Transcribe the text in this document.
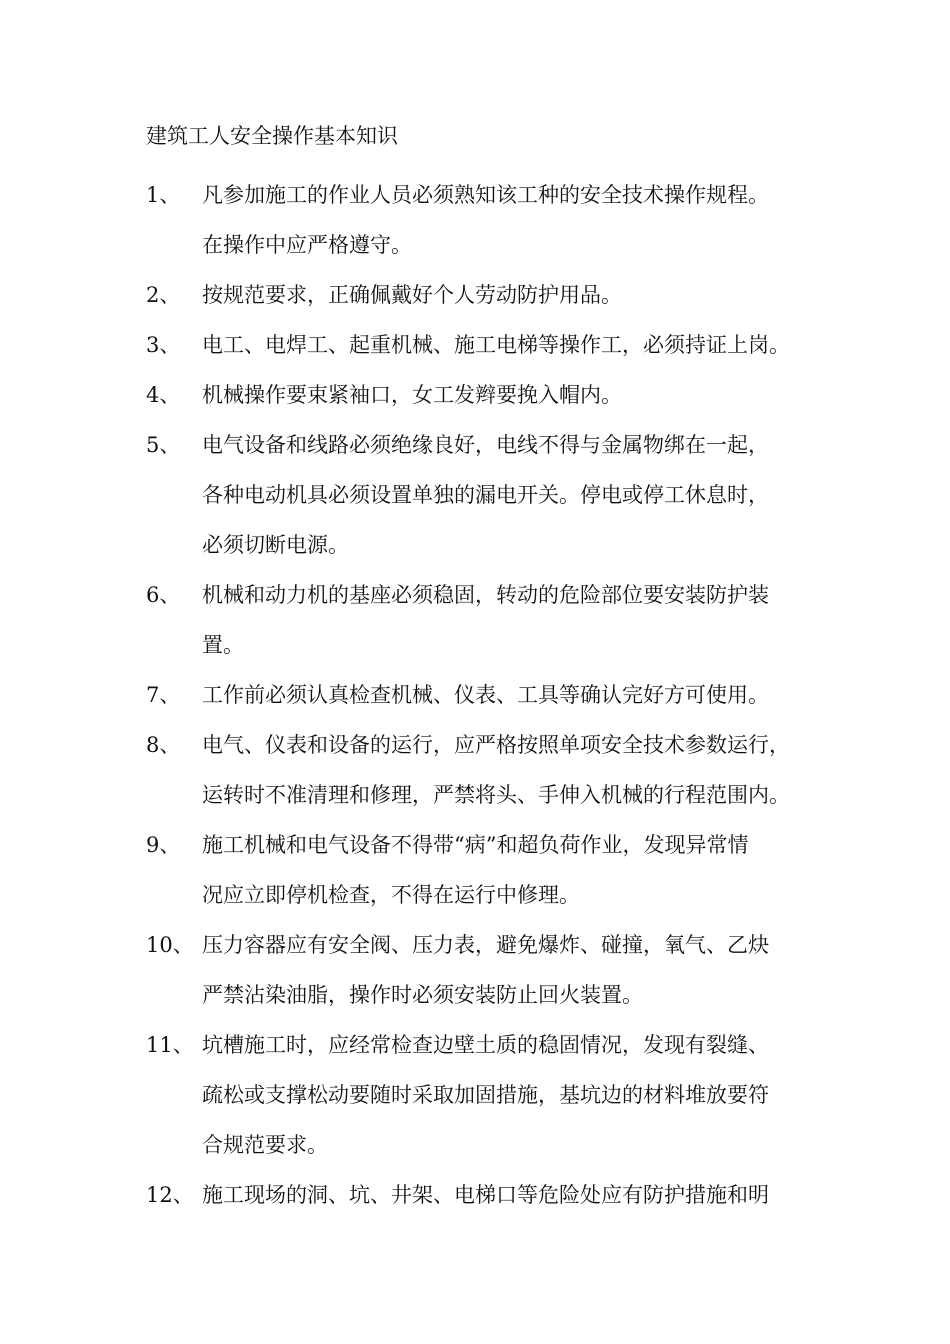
建筑工人安全操作基本知识
1、 凡参加施工的作业人员必须熟知该工种的安全技术操作规程。
在操作中应严格遵守。
2、 按规范要求，正确佩戴好个人劳动防护用品。
3、 电工、电焊工、起重机械、施工电梯等操作工，必须持证上岗。
4、 机械操作要束紧袖口，女工发辫要挽入帽内。
5、 电气设备和线路必须绝缘良好，电线不得与金属物绑在一起，
各种电动机具必须设置单独的漏电开关。停电或停工休息时，
必须切断电源。
6、 机械和动力机的基座必须稳固，转动的危险部位要安装防护装
置。
7、 工作前必须认真检查机械、仪表、工具等确认完好方可使用。
8、 电气、仪表和设备的运行，应严格按照单项安全技术参数运行，
运转时不准清理和修理，严禁将头、手伸入机械的行程范围内。
9、 施工机械和电气设备不得带“病”和超负荷作业，发现异常情
况应立即停机检查，不得在运行中修理。
10、 压力容器应有安全阀、压力表，避免爆炸、碰撞，氧气、乙炔
严禁沾染油脂，操作时必须安装防止回火装置。
11、 坑槽施工时，应经常检查边壁土质的稳固情况，发现有裂缝、
疏松或支撑松动要随时采取加固措施，基坑边的材料堆放要符
合规范要求。
12、 施工现场的洞、坑、井架、电梯口等危险处应有防护措施和明
